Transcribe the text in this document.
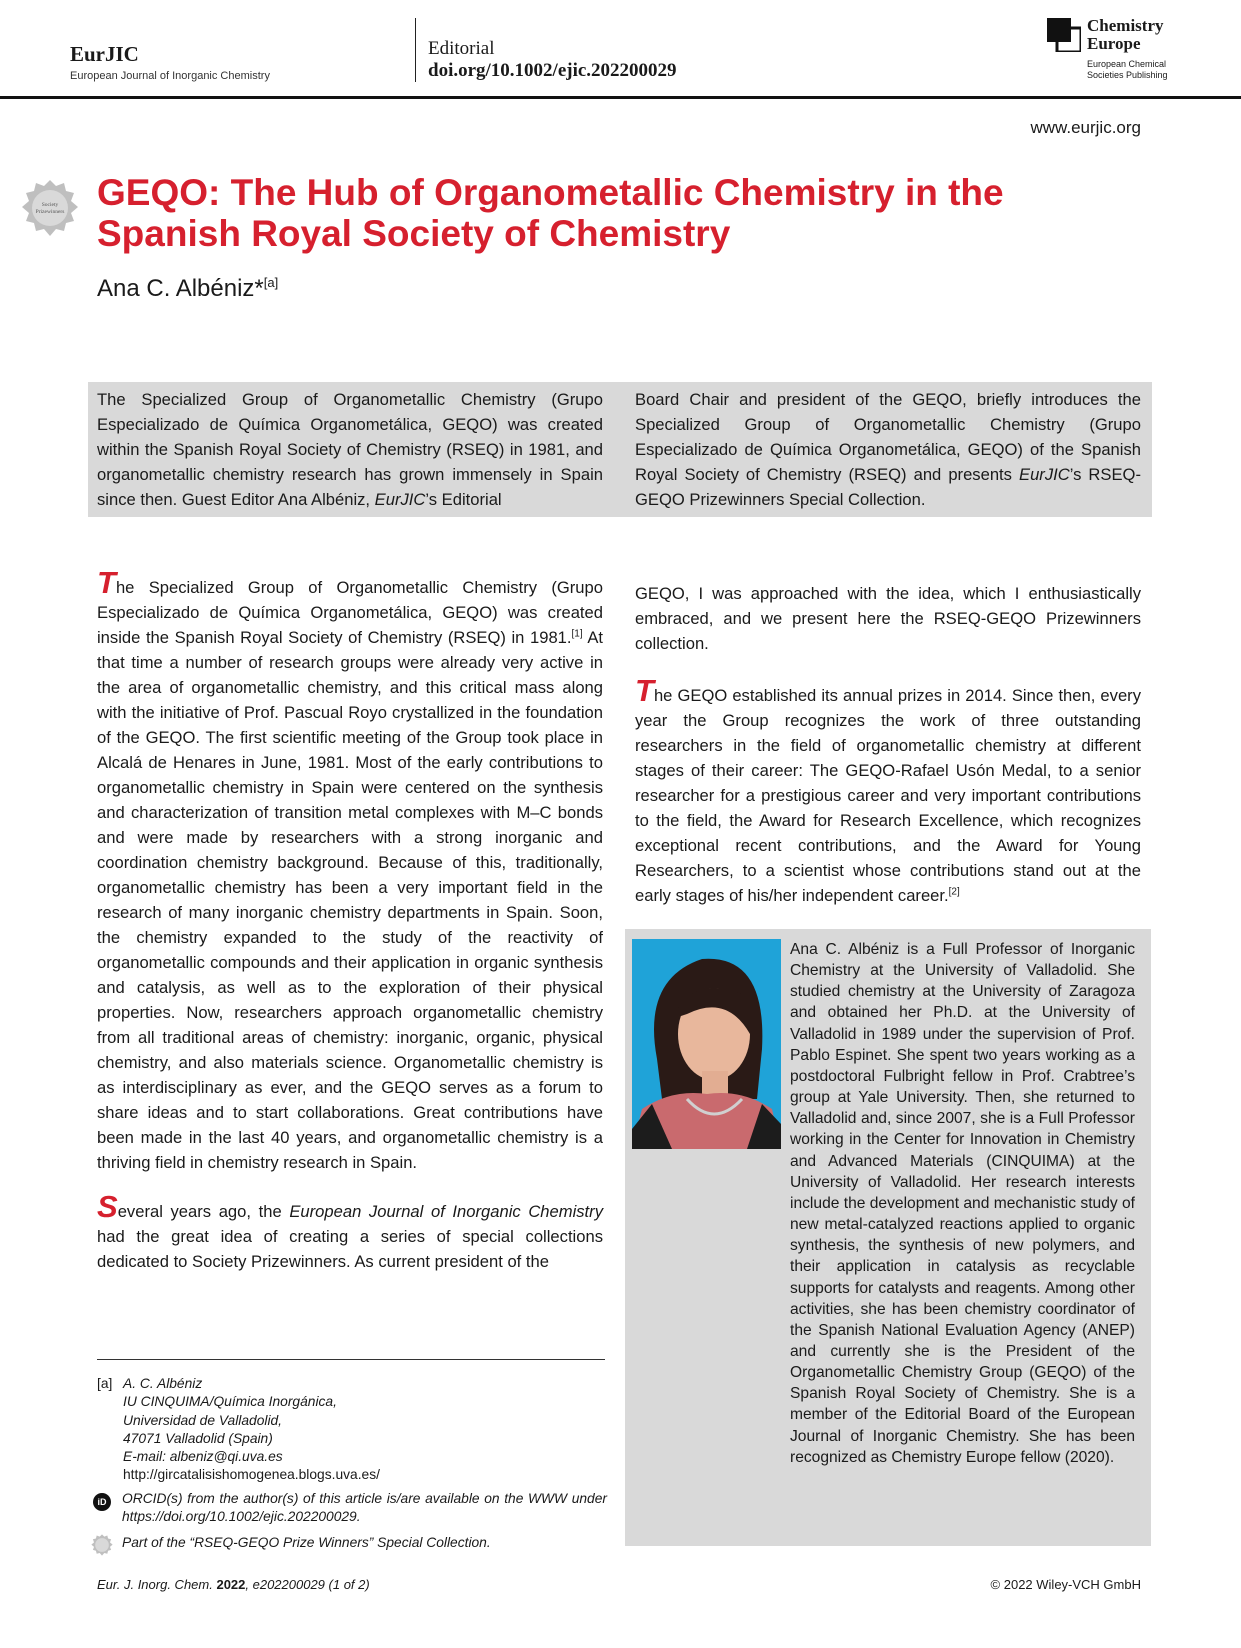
EurJIC
European Journal of Inorganic Chemistry
Editorial
doi.org/10.1002/ejic.202200029
Chemistry
Europe
European Chemical
Societies Publishing
www.eurjic.org
Society
Prizewinners GEQO: The Hub of Organometallic Chemistry in the Spanish Royal Society of Chemistry
Ana C. Albéniz*[a]
The Specialized Group of Organometallic Chemistry (Grupo Especializado de Química Organometálica, GEQO) was created within the Spanish Royal Society of Chemistry (RSEQ) in 1981, and organometallic chemistry research has grown immensely in Spain since then. Guest Editor Ana Albéniz, EurJIC’s Editorial
Board Chair and president of the GEQO, briefly introduces the Specialized Group of Organometallic Chemistry (Grupo Especializado de Química Organometálica, GEQO) of the Spanish Royal Society of Chemistry (RSEQ) and presents EurJIC’s RSEQ-GEQO Prizewinners Special Collection.

The Specialized Group of Organometallic Chemistry (Grupo Especializado de Química Organometálica, GEQO) was created inside the Spanish Royal Society of Chemistry (RSEQ) in 1981.[1] At that time a number of research groups were already very active in the area of organometallic chemistry, and this critical mass along with the initiative of Prof. Pascual Royo crystallized in the foundation of the GEQO. The first scientific meeting of the Group took place in Alcalá de Henares in June, 1981. Most of the early contributions to organometallic chemistry in Spain were centered on the synthesis and characterization of transition metal complexes with M–C bonds and were made by researchers with a strong inorganic and coordination chemistry background. Because of this, traditionally, organometallic chemistry has been a very important field in the research of many inorganic chemistry departments in Spain. Soon, the chemistry expanded to the study of the reactivity of organometallic compounds and their application in organic synthesis and catalysis, as well as to the exploration of their physical properties. Now, researchers approach organometallic chemistry from all traditional areas of chemistry: inorganic, organic, physical chemistry, and also materials science. Organometallic chemistry is as interdisciplinary as ever, and the GEQO serves as a forum to share ideas and to start collaborations. Great contributions have been made in the last 40 years, and organometallic chemistry is a thriving field in chemistry research in Spain.

Several years ago, the European Journal of Inorganic Chemistry had the great idea of creating a series of special collections dedicated to Society Prizewinners. As current president of the

GEQO, I was approached with the idea, which I enthusiastically embraced, and we present here the RSEQ-GEQO Prizewinners collection.

The GEQO established its annual prizes in 2014. Since then, every year the Group recognizes the work of three outstanding researchers in the field of organometallic chemistry at different stages of their career: The GEQO-Rafael Usón Medal, to a senior researcher for a prestigious career and very important contributions to the field, the Award for Research Excellence, which recognizes exceptional recent contributions, and the Award for Young Researchers, to a scientist whose contributions stand out at the early stages of his/her independent career.[2]

[a] A. C. Albéniz
IU CINQUIMA/Química Inorgánica,
Universidad de Valladolid,
47071 Valladolid (Spain)
E-mail: albeniz@qi.uva.es
http://gircatalisishomogenea.blogs.uva.es/
iD	ORCID(s) from the author(s) of this article is/are available on the WWW under https://doi.org/10.1002/ejic.202200029.
Part of the “RSEQ-GEQO Prize Winners” Special Collection.
Ana C. Albéniz is a Full Professor of Inorganic Chemistry at the University of Valladolid. She studied chemistry at the University of Zaragoza and obtained her Ph.D. at the University of Valladolid in 1989 under the supervision of Prof. Pablo Espinet. She spent two years working as a postdoctoral Fulbright fellow in Prof. Crabtree’s group at Yale University. Then, she returned to Valladolid and, since 2007, she is a Full Professor working in the Center for Innovation in Chemistry and Advanced Materials (CINQUIMA) at the University of Valladolid. Her research interests include the development and mechanistic study of new metal-catalyzed reactions applied to organic synthesis, the synthesis of new polymers, and their application in catalysis as recyclable supports for catalysts and reagents. Among other activities, she has been chemistry coordinator of the Spanish National Evaluation Agency (ANEP) and currently she is the President of the Organometallic Chemistry Group (GEQO) of the Spanish Royal Society of Chemistry. She is a member of the Editorial Board of the European Journal of Inorganic Chemistry. She has been recognized as Chemistry Europe fellow (2020).
Eur. J. Inorg. Chem. 2022, e202200029 (1 of 2)	© 2022 Wiley-VCH GmbH
